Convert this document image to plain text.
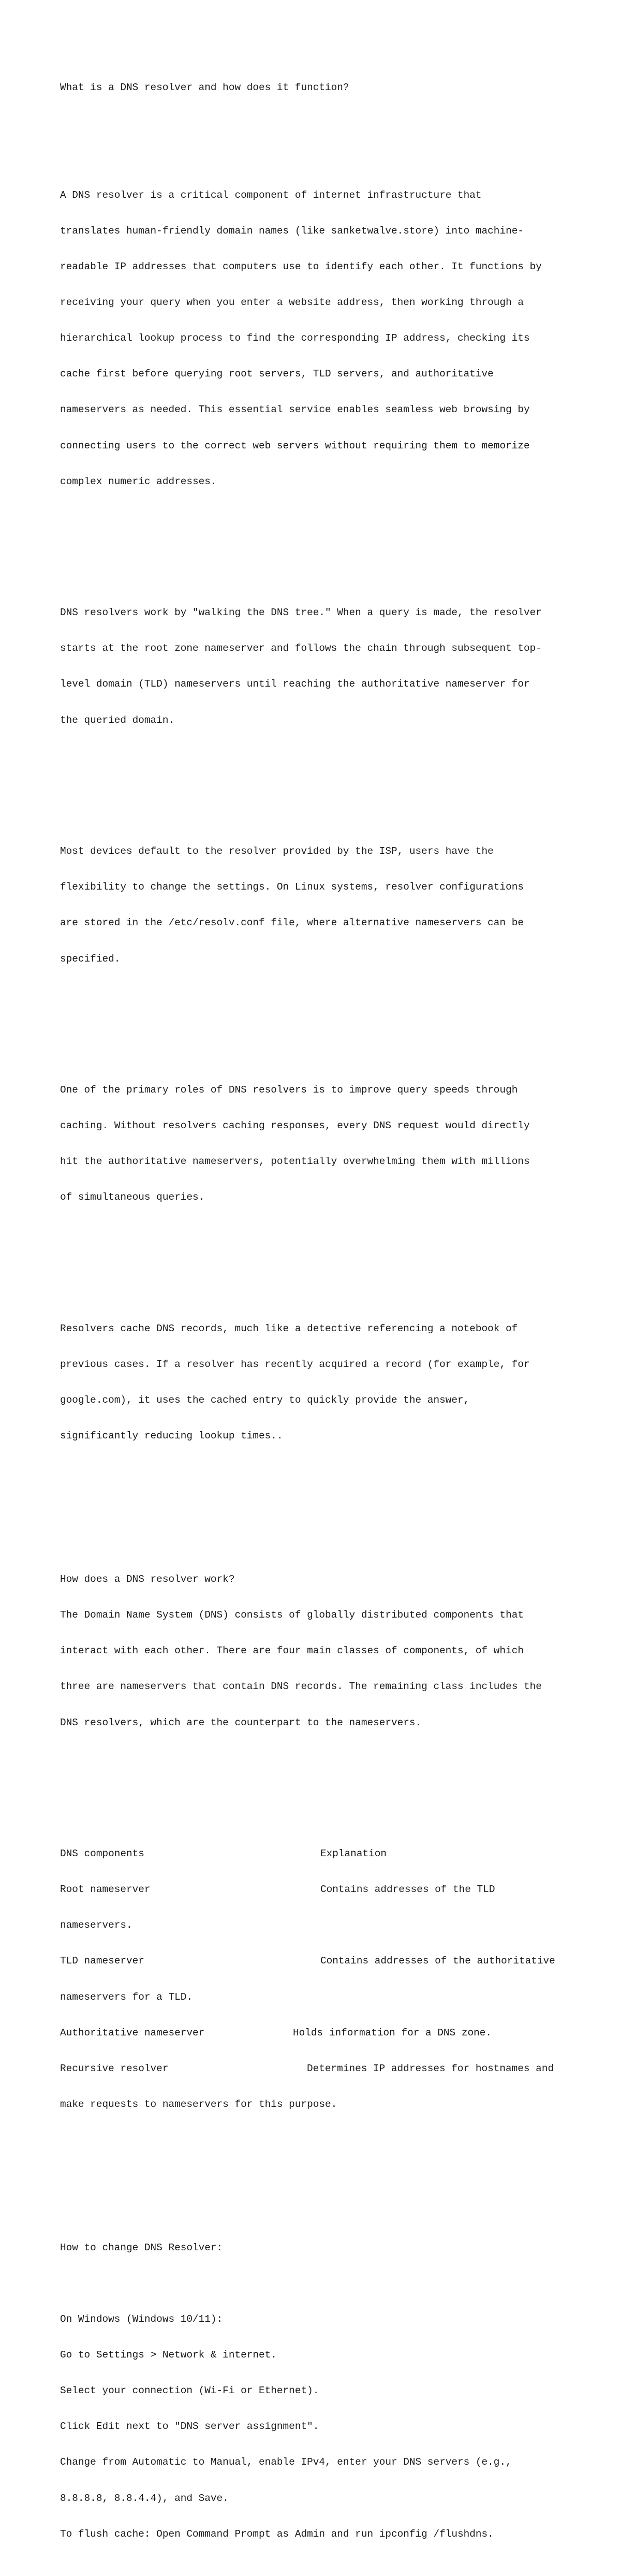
What is a DNS resolver and how does it function?

A DNS resolver is a critical component of internet infrastructure that

translates human-friendly domain names (like sanketwalve.store) into machine-

readable IP addresses that computers use to identify each other. It functions by

receiving your query when you enter a website address, then working through a

hierarchical lookup process to find the corresponding IP address, checking its

cache first before querying root servers, TLD servers, and authoritative

nameservers as needed. This essential service enables seamless web browsing by

connecting users to the correct web servers without requiring them to memorize

complex numeric addresses.

DNS resolvers work by "walking the DNS tree." When a query is made, the resolver

starts at the root zone nameserver and follows the chain through subsequent top-

level domain (TLD) nameservers until reaching the authoritative nameserver for

the queried domain.

Most devices default to the resolver provided by the ISP, users have the

flexibility to change the settings. On Linux systems, resolver configurations

are stored in the /etc/resolv.conf file, where alternative nameservers can be

specified.

One of the primary roles of DNS resolvers is to improve query speeds through

caching. Without resolvers caching responses, every DNS request would directly

hit the authoritative nameservers, potentially overwhelming them with millions

of simultaneous queries.

Resolvers cache DNS records, much like a detective referencing a notebook of

previous cases. If a resolver has recently acquired a record (for example, for

google.com), it uses the cached entry to quickly provide the answer,

significantly reducing lookup times..

How does a DNS resolver work?

The Domain Name System (DNS) consists of globally distributed components that

interact with each other. There are four main classes of components, of which

three are nameservers that contain DNS records. The remaining class includes the

DNS resolvers, which are the counterpart to the nameservers.

DNS components	Explanation

Root nameserver	Contains addresses of the TLD

nameservers.

TLD nameserver	Contains addresses of the authoritative

nameservers for a TLD.

Authoritative nameserver	Holds information for a DNS zone.

Recursive resolver	Determines IP addresses for hostnames and

make requests to nameservers for this purpose.

How to change DNS Resolver:

On Windows (Windows 10/11):

Go to Settings > Network & internet.

Select your connection (Wi-Fi or Ethernet).

Click Edit next to "DNS server assignment".

Change from Automatic to Manual, enable IPv4, enter your DNS servers (e.g.,

8.8.8.8, 8.8.4.4), and Save.

To flush cache: Open Command Prompt as Admin and run ipconfig /flushdns.
